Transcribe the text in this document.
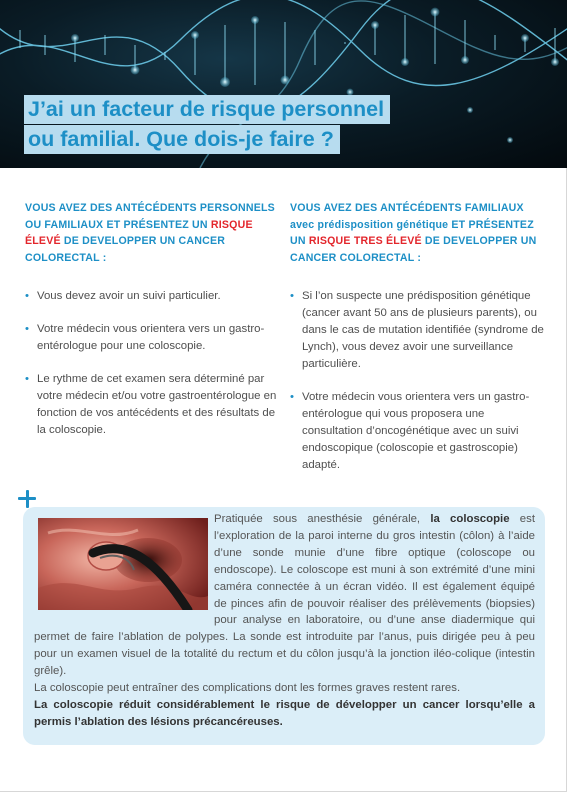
J’ai un facteur de risque personnel
ou familial. Que dois-je faire ?
VOUS AVEZ DES ANTÉCÉDENTS PERSONNELS OU FAMILIAUX ET PRÉSENTEZ UN RISQUE ÉLEVÉ DE DEVELOPPER UN CANCER COLORECTAL :
• Vous devez avoir un suivi particulier.
• Votre médecin vous orientera vers un gastro-entérologue pour une coloscopie.
• Le rythme de cet examen sera déterminé par votre médecin et/ou votre gastroentérologue en fonction de vos antécédents et des résultats de la coloscopie.
VOUS AVEZ DES ANTÉCÉDENTS FAMILIAUX avec prédisposition génétique ET PRÉSENTEZ UN RISQUE TRES ÉLEVÉ DE DEVELOPPER UN CANCER COLORECTAL :
• Si l’on suspecte une prédisposition génétique (cancer avant 50 ans de plusieurs parents), ou dans le cas de mutation identifiée (syndrome de Lynch), vous devez avoir une surveillance particulière.
• Votre médecin vous orientera vers un gastro-entérologue qui vous proposera une consultation d’oncogénétique avec un suivi endoscopique (coloscopie et gastroscopie) adapté.
Pratiquée sous anesthésie générale, la coloscopie est l’exploration de la paroi interne du gros intestin (côlon) à l’aide d’une sonde munie d’une fibre optique (coloscope ou endoscope). Le coloscope est muni à son extrémité d’une mini caméra connectée à un écran vidéo. Il est également équipé de pinces afin de pouvoir réaliser des prélèvements (biopsies) pour analyse en laboratoire, ou d’une anse diadermique qui permet de faire l’ablation de polypes. La sonde est introduite par l’anus, puis dirigée peu à peu pour un examen visuel de la totalité du rectum et du côlon jusqu’à la jonction iléo-colique (intestin grêle).
La coloscopie peut entraîner des complications dont les formes graves restent rares.
La coloscopie réduit considérablement le risque de développer un cancer lorsqu’elle a permis l’ablation des lésions précancéreuses.
